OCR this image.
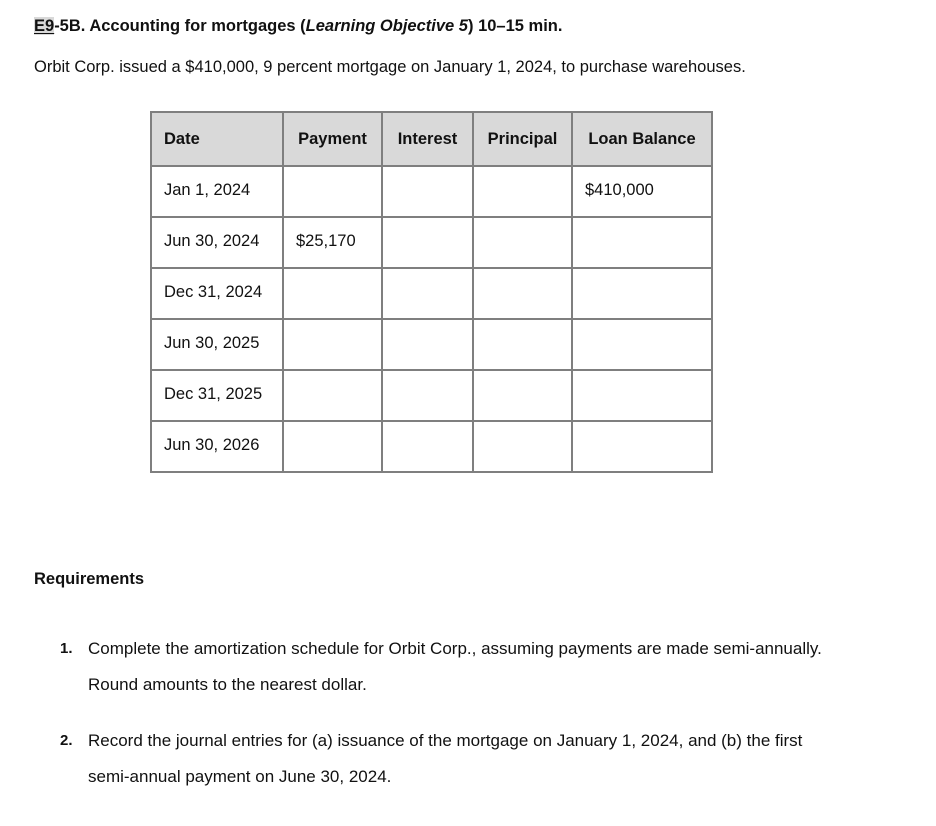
E9-5B. Accounting for mortgages (Learning Objective 5) 10–15 min.
Orbit Corp. issued a $410,000, 9 percent mortgage on January 1, 2024, to purchase warehouses.
Date	Payment	Interest	Principal	Loan Balance
Jan 1, 2024				$410,000
Jun 30, 2024	$25,170			
Dec 31, 2024				
Jun 30, 2025				
Dec 31, 2025				
Jun 30, 2026				
Requirements
1. Complete the amortization schedule for Orbit Corp., assuming payments are made semi-annually. Round amounts to the nearest dollar.
2. Record the journal entries for (a) issuance of the mortgage on January 1, 2024, and (b) the first semi-annual payment on June 30, 2024.
